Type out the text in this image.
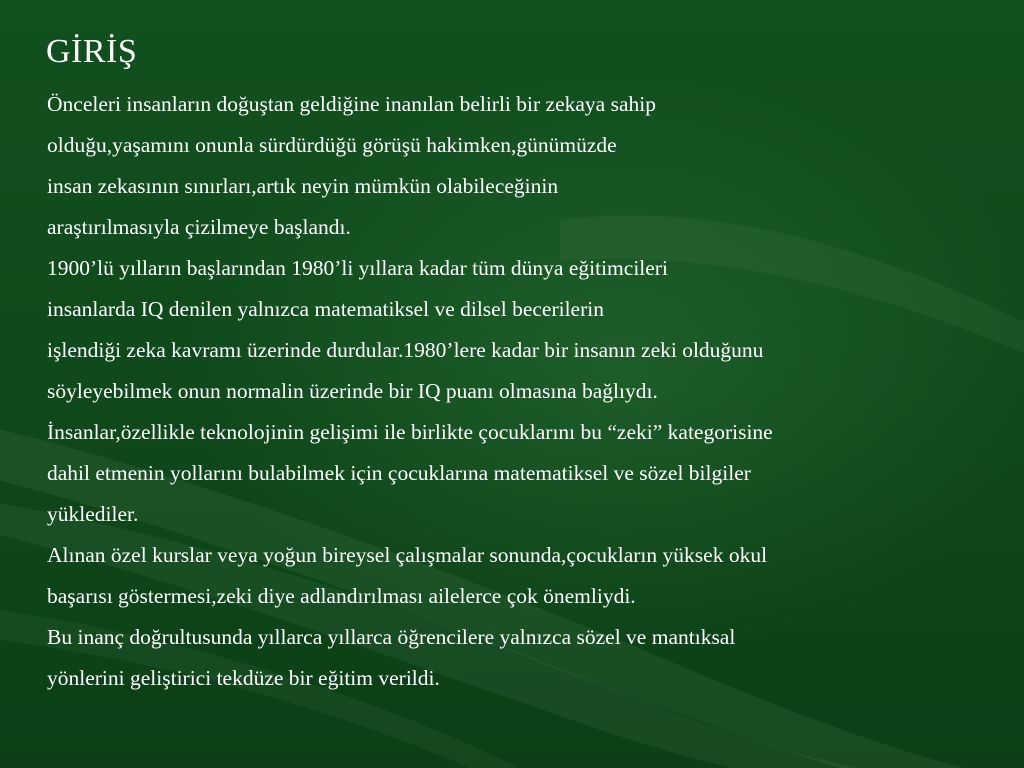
GİRİŞ
Önceleri insanların doğuştan geldiğine inanılan belirli bir zekaya sahip
olduğu,yaşamını onunla sürdürdüğü görüşü hakimken,günümüzde
insan zekasının sınırları,artık neyin mümkün olabileceğinin
araştırılmasıyla çizilmeye başlandı.
1900’lü yılların başlarından 1980’li yıllara kadar tüm dünya eğitimcileri
insanlarda IQ denilen yalnızca matematiksel ve dilsel becerilerin
işlendiği zeka kavramı üzerinde durdular.1980’lere kadar bir insanın zeki olduğunu
söyleyebilmek onun normalin üzerinde bir IQ puanı olmasına bağlıydı.
İnsanlar,özellikle teknolojinin gelişimi ile birlikte çocuklarını bu “zeki” kategorisine
dahil etmenin yollarını bulabilmek için çocuklarına matematiksel ve sözel bilgiler
yüklediler.
Alınan özel kurslar veya yoğun bireysel çalışmalar sonunda,çocukların yüksek okul
başarısı göstermesi,zeki diye adlandırılması ailelerce çok önemliydi.
Bu inanç doğrultusunda yıllarca yıllarca öğrencilere yalnızca sözel ve mantıksal
yönlerini geliştirici tekdüze bir eğitim verildi.
